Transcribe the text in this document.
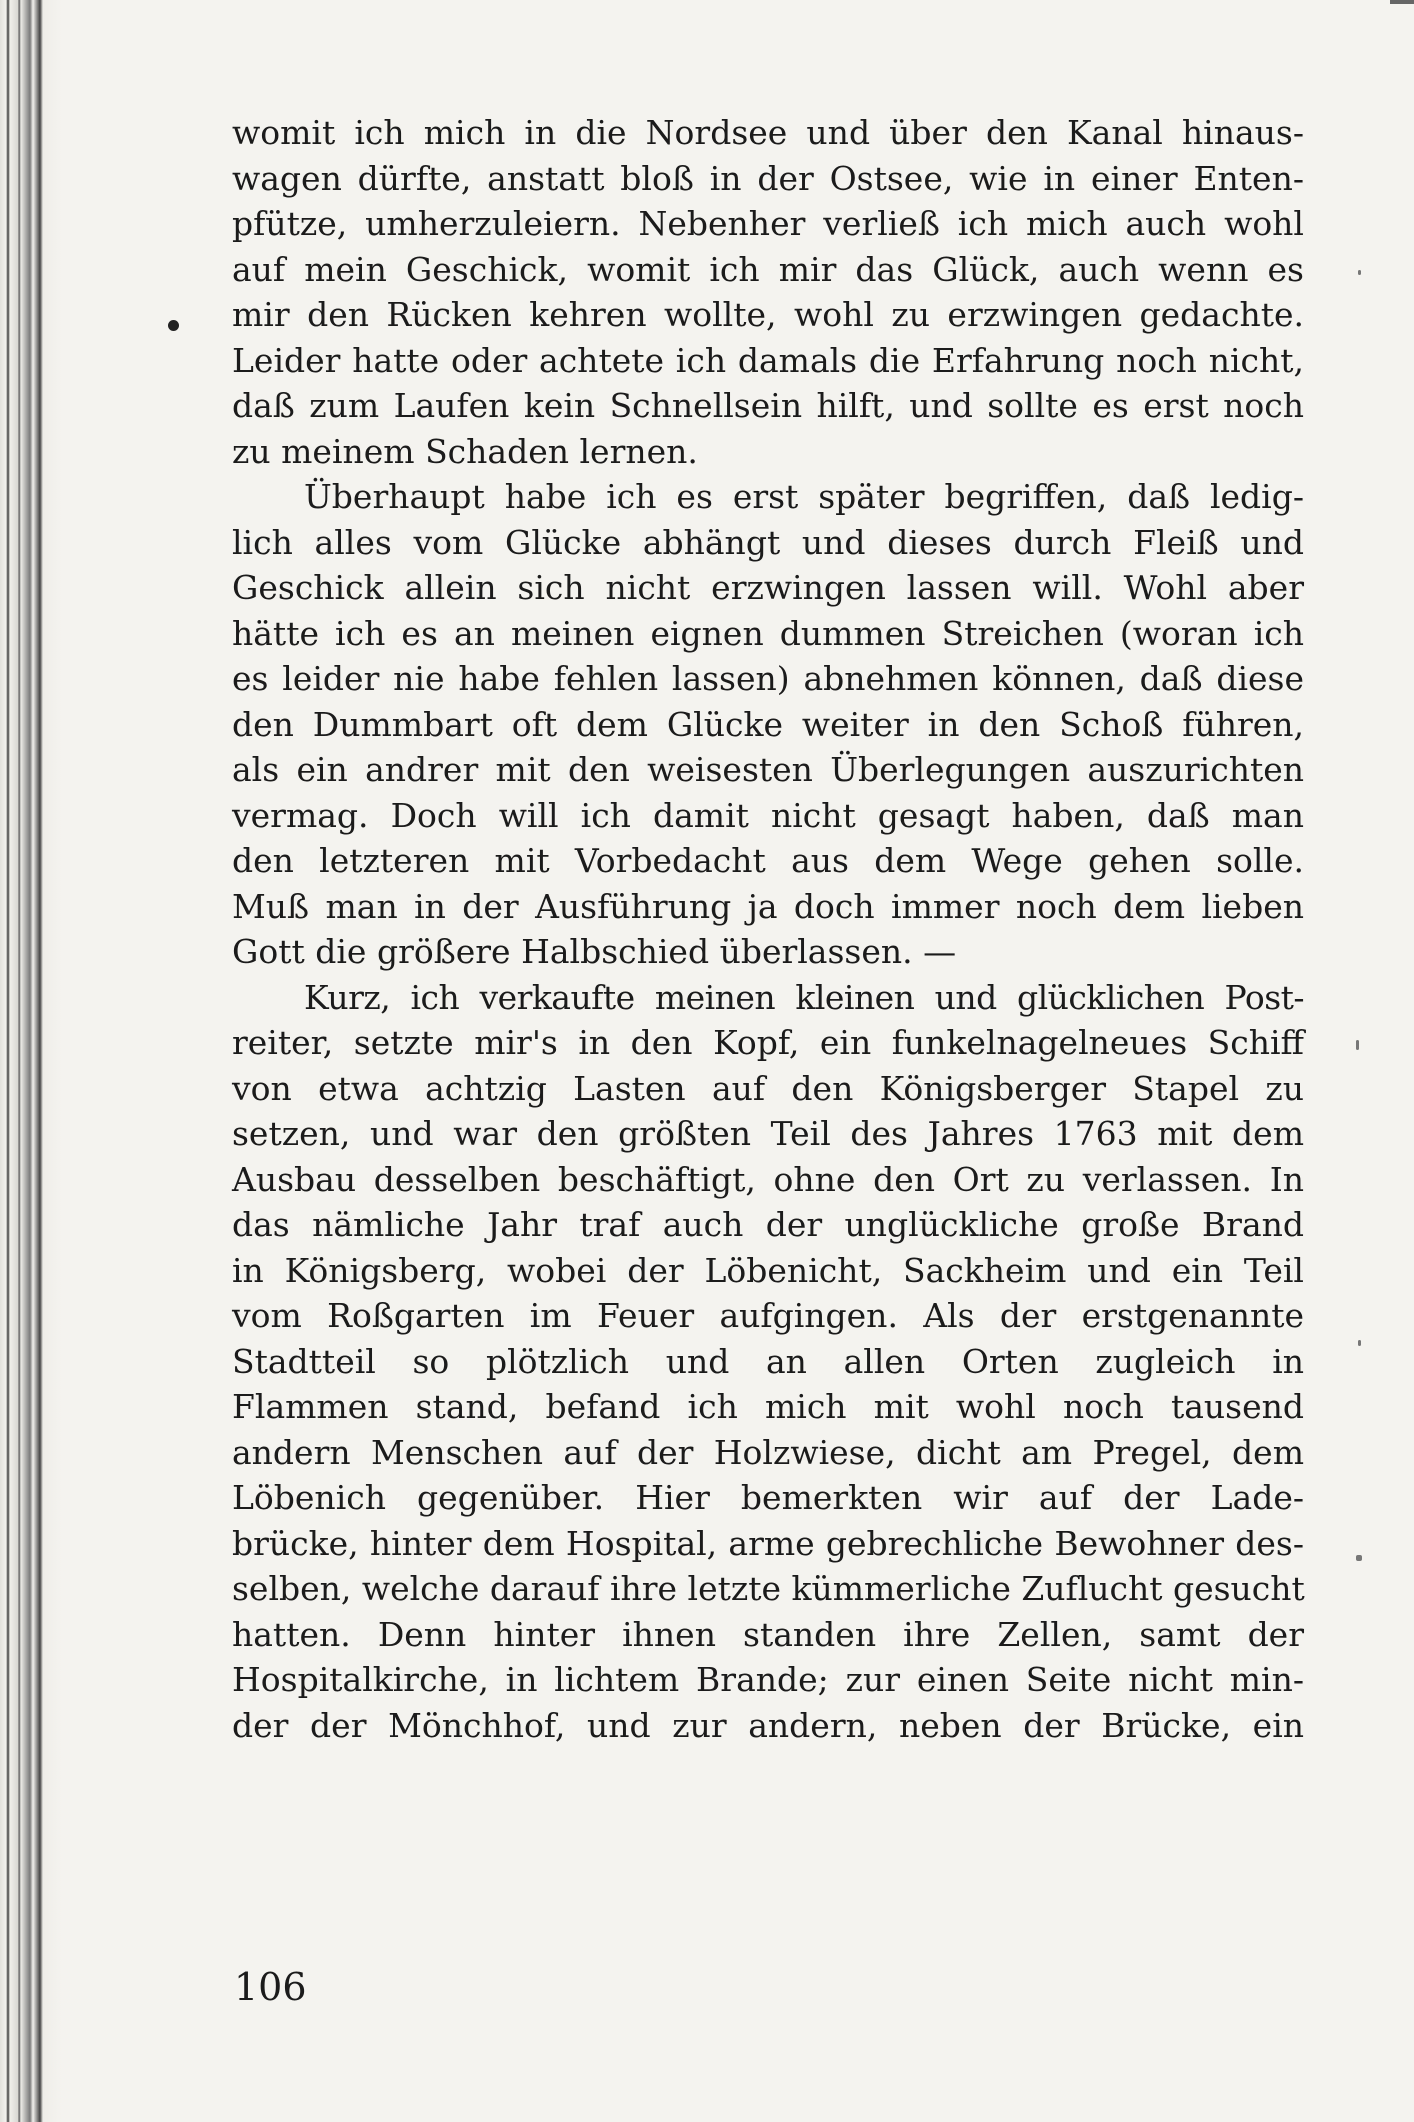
womit ich mich in die Nordsee und über den Kanal hinaus-
wagen dürfte, anstatt bloß in der Ostsee, wie in einer Enten-
pfütze, umherzuleiern. Nebenher verließ ich mich auch wohl
auf mein Geschick, womit ich mir das Glück, auch wenn es
mir den Rücken kehren wollte, wohl zu erzwingen gedachte.
Leider hatte oder achtete ich damals die Erfahrung noch nicht,
daß zum Laufen kein Schnellsein hilft, und sollte es erst noch
zu meinem Schaden lernen.

Überhaupt habe ich es erst später begriffen, daß ledig-
lich alles vom Glücke abhängt und dieses durch Fleiß und
Geschick allein sich nicht erzwingen lassen will. Wohl aber
hätte ich es an meinen eignen dummen Streichen (woran ich
es leider nie habe fehlen lassen) abnehmen können, daß diese
den Dummbart oft dem Glücke weiter in den Schoß führen,
als ein andrer mit den weisesten Überlegungen auszurichten
vermag. Doch will ich damit nicht gesagt haben, daß man
den letzteren mit Vorbedacht aus dem Wege gehen solle.
Muß man in der Ausführung ja doch immer noch dem lieben
Gott die größere Halbschied überlassen. —

Kurz, ich verkaufte meinen kleinen und glücklichen Post-
reiter, setzte mir's in den Kopf, ein funkelnagelneues Schiff
von etwa achtzig Lasten auf den Königsberger Stapel zu
setzen, und war den größten Teil des Jahres 1763 mit dem
Ausbau desselben beschäftigt, ohne den Ort zu verlassen. In
das nämliche Jahr traf auch der unglückliche große Brand
in Königsberg, wobei der Löbenicht, Sackheim und ein Teil
vom Roßgarten im Feuer aufgingen. Als der erstgenannte
Stadtteil so plötzlich und an allen Orten zugleich in
Flammen stand, befand ich mich mit wohl noch tausend
andern Menschen auf der Holzwiese, dicht am Pregel, dem
Löbenich gegenüber. Hier bemerkten wir auf der Lade-
brücke, hinter dem Hospital, arme gebrechliche Bewohner des-
selben, welche darauf ihre letzte kümmerliche Zuflucht gesucht
hatten. Denn hinter ihnen standen ihre Zellen, samt der
Hospitalkirche, in lichtem Brande; zur einen Seite nicht min-
der der Mönchhof, und zur andern, neben der Brücke, ein

106
